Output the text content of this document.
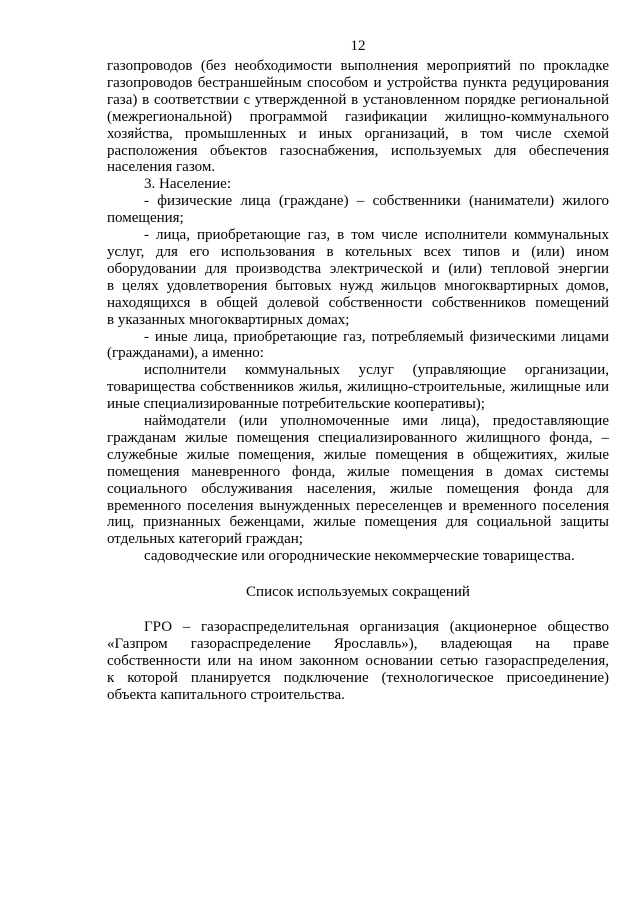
12
газопроводов (без необходимости выполнения мероприятий по прокладке
газопроводов бестраншейным способом и устройства пункта редуцирования
газа) в соответствии с утвержденной в установленном порядке региональной
(межрегиональной) программой газификации жилищно-коммунального
хозяйства, промышленных и иных организаций, в том числе схемой
расположения объектов газоснабжения, используемых для обеспечения
населения газом.
3. Население:
- физические лица (граждане) – собственники (наниматели) жилого
помещения;
- лица, приобретающие газ, в том числе исполнители коммунальных
услуг, для его использования в котельных всех типов и (или) ином
оборудовании для производства электрической и (или) тепловой энергии
в целях удовлетворения бытовых нужд жильцов многоквартирных домов,
находящихся в общей долевой собственности собственников помещений
в указанных многоквартирных домах;
- иные лица, приобретающие газ, потребляемый физическими лицами
(гражданами), а именно:
исполнители коммунальных услуг (управляющие организации,
товарищества собственников жилья, жилищно-строительные, жилищные или
иные специализированные потребительские кооперативы);
наймодатели (или уполномоченные ими лица), предоставляющие
гражданам жилые помещения специализированного жилищного фонда, –
служебные жилые помещения, жилые помещения в общежитиях, жилые
помещения маневренного фонда, жилые помещения в домах системы
социального обслуживания населения, жилые помещения фонда для
временного поселения вынужденных переселенцев и временного поселения
лиц, признанных беженцами, жилые помещения для социальной защиты
отдельных категорий граждан;
садоводческие или огороднические некоммерческие товарищества.
Список используемых сокращений
ГРО – газораспределительная организация (акционерное общество
«Газпром газораспределение Ярославль»), владеющая на праве
собственности или на ином законном основании сетью газораспределения,
к которой планируется подключение (технологическое присоединение)
объекта капитального строительства.
